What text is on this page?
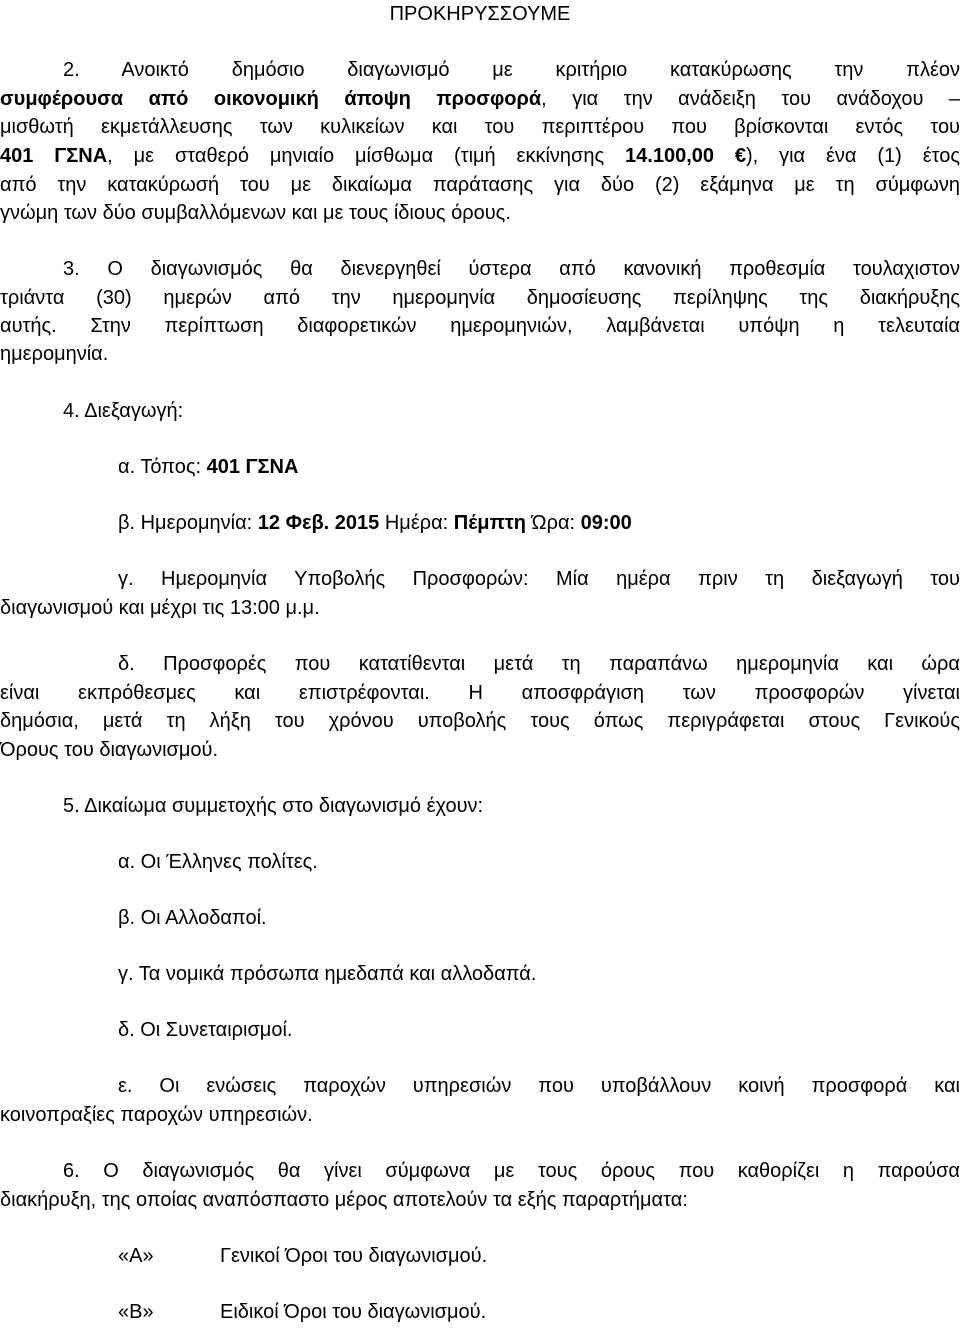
ΠΡΟΚΗΡΥΣΣΟΥΜΕ
2. Ανοικτό δημόσιο διαγωνισμό με κριτήριο κατακύρωσης την πλέον
συμφέρουσα από οικονομική άποψη προσφορά, για την ανάδειξη του ανάδοχου –
μισθωτή εκμετάλλευσης των κυλικείων και του περιπτέρου που βρίσκονται εντός του
401 ΓΣΝΑ, με σταθερό μηνιαίο μίσθωμα (τιμή εκκίνησης 14.100,00 €), για ένα (1) έτος
από την κατακύρωσή του με δικαίωμα παράτασης για δύο (2) εξάμηνα με τη σύμφωνη
γνώμη των δύο συμβαλλόμενων και με τους ίδιους όρους.
3. Ο διαγωνισμός θα διενεργηθεί ύστερα από κανονική προθεσμία τουλαχιστον
τριάντα (30) ημερών από την ημερομηνία δημοσίευσης περίληψης της διακήρυξης
αυτής. Στην περίπτωση διαφορετικών ημερομηνιών, λαμβάνεται υπόψη η τελευταία
ημερομηνία.
4. Διεξαγωγή:
α. Τόπος: 401 ΓΣΝΑ
β. Ημερομηνία: 12 Φεβ. 2015 Ημέρα: Πέμπτη Ώρα: 09:00
γ. Ημερομηνία Υποβολής Προσφορών: Μία ημέρα πριν τη διεξαγωγή του
διαγωνισμού και μέχρι τις 13:00 μ.μ.
δ. Προσφορές που κατατίθενται μετά τη παραπάνω ημερομηνία και ώρα
είναι εκπρόθεσμες και επιστρέφονται. Η αποσφράγιση των προσφορών γίνεται
δημόσια, μετά τη λήξη του χρόνου υποβολής τους όπως περιγράφεται στους Γενικούς
Όρους του διαγωνισμού.
5. Δικαίωμα συμμετοχής στο διαγωνισμό έχουν:
α. Οι Έλληνες πολίτες.
β. Οι Αλλοδαποί.
γ. Τα νομικά πρόσωπα ημεδαπά και αλλοδαπά.
δ. Οι Συνεταιρισμοί.
ε. Οι ενώσεις παροχών υπηρεσιών που υποβάλλουν κοινή προσφορά και
κοινοπραξίες παροχών υπηρεσιών.
6. Ο διαγωνισμός θα γίνει σύμφωνα με τους όρους που καθορίζει η παρούσα
διακήρυξη, της οποίας αναπόσπαστο μέρος αποτελούν τα εξής παραρτήματα:
«Α»	Γενικοί Όροι του διαγωνισμού.
«Β»	Ειδικοί Όροι του διαγωνισμού.
